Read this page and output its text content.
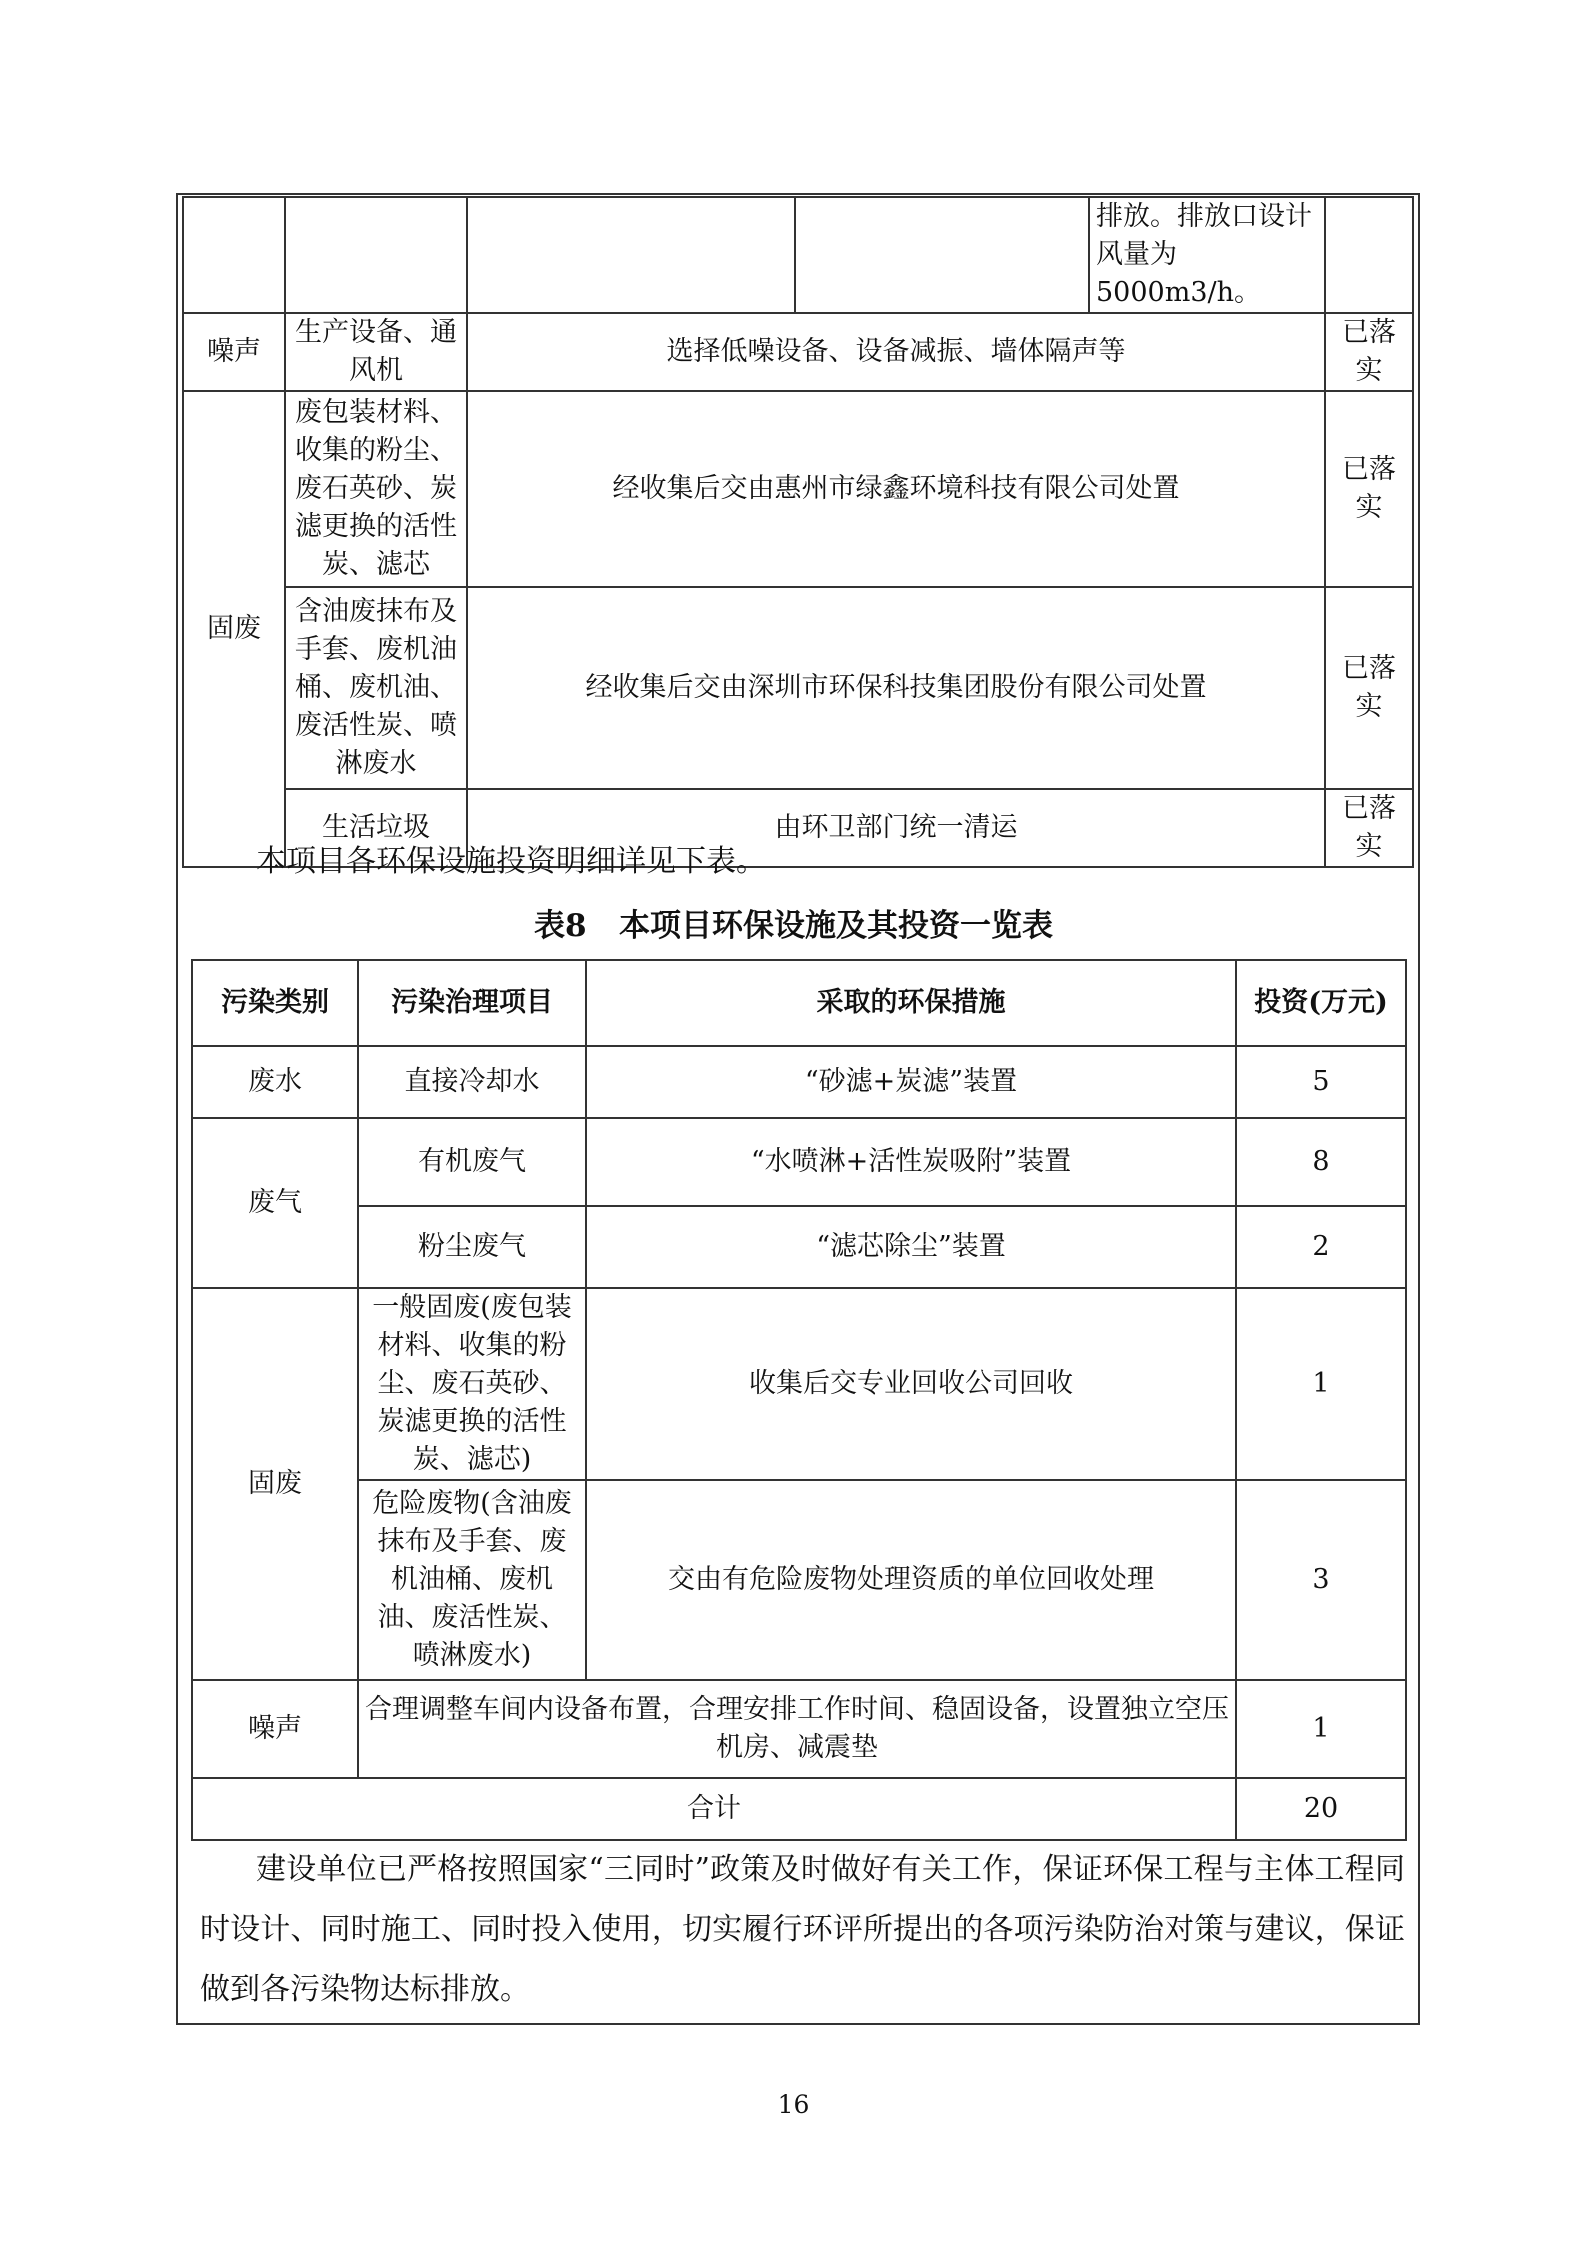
				排放。排放口设计风量为5000m3/h。	
噪声	生产设备、通风机	选择低噪设备、设备减振、墙体隔声等			已落实
固废	废包装材料、收集的粉尘、废石英砂、炭滤更换的活性炭、滤芯	经收集后交由惠州市绿鑫环境科技有限公司处置			已落实
	含油废抹布及手套、废机油桶、废机油、废活性炭、喷淋废水	经收集后交由深圳市环保科技集团股份有限公司处置			已落实
	生活垃圾	由环卫部门统一清运			已落实
本项目各环保设施投资明细详见下表。
表8 本项目环保设施及其投资一览表
污染类别	污染治理项目	采取的环保措施	投资(万元)
废水	直接冷却水	“砂滤+炭滤”装置	5
废气	有机废气	“水喷淋+活性炭吸附”装置	8
	粉尘废气	“滤芯除尘”装置	2
固废	一般固废(废包装材料、收集的粉尘、废石英砂、炭滤更换的活性炭、滤芯)	收集后交专业回收公司回收	1
	危险废物(含油废抹布及手套、废机油桶、废机油、废活性炭、喷淋废水)	交由有危险废物处理资质的单位回收处理	3
噪声	合理调整车间内设备布置，合理安排工作时间、稳固设备，设置独立空压机房、减震垫		1
合计			20
建设单位已严格按照国家“三同时”政策及时做好有关工作，保证环保工程与主体工程同时设计、同时施工、同时投入使用，切实履行环评所提出的各项污染防治对策与建议，保证做到各污染物达标排放。
16
